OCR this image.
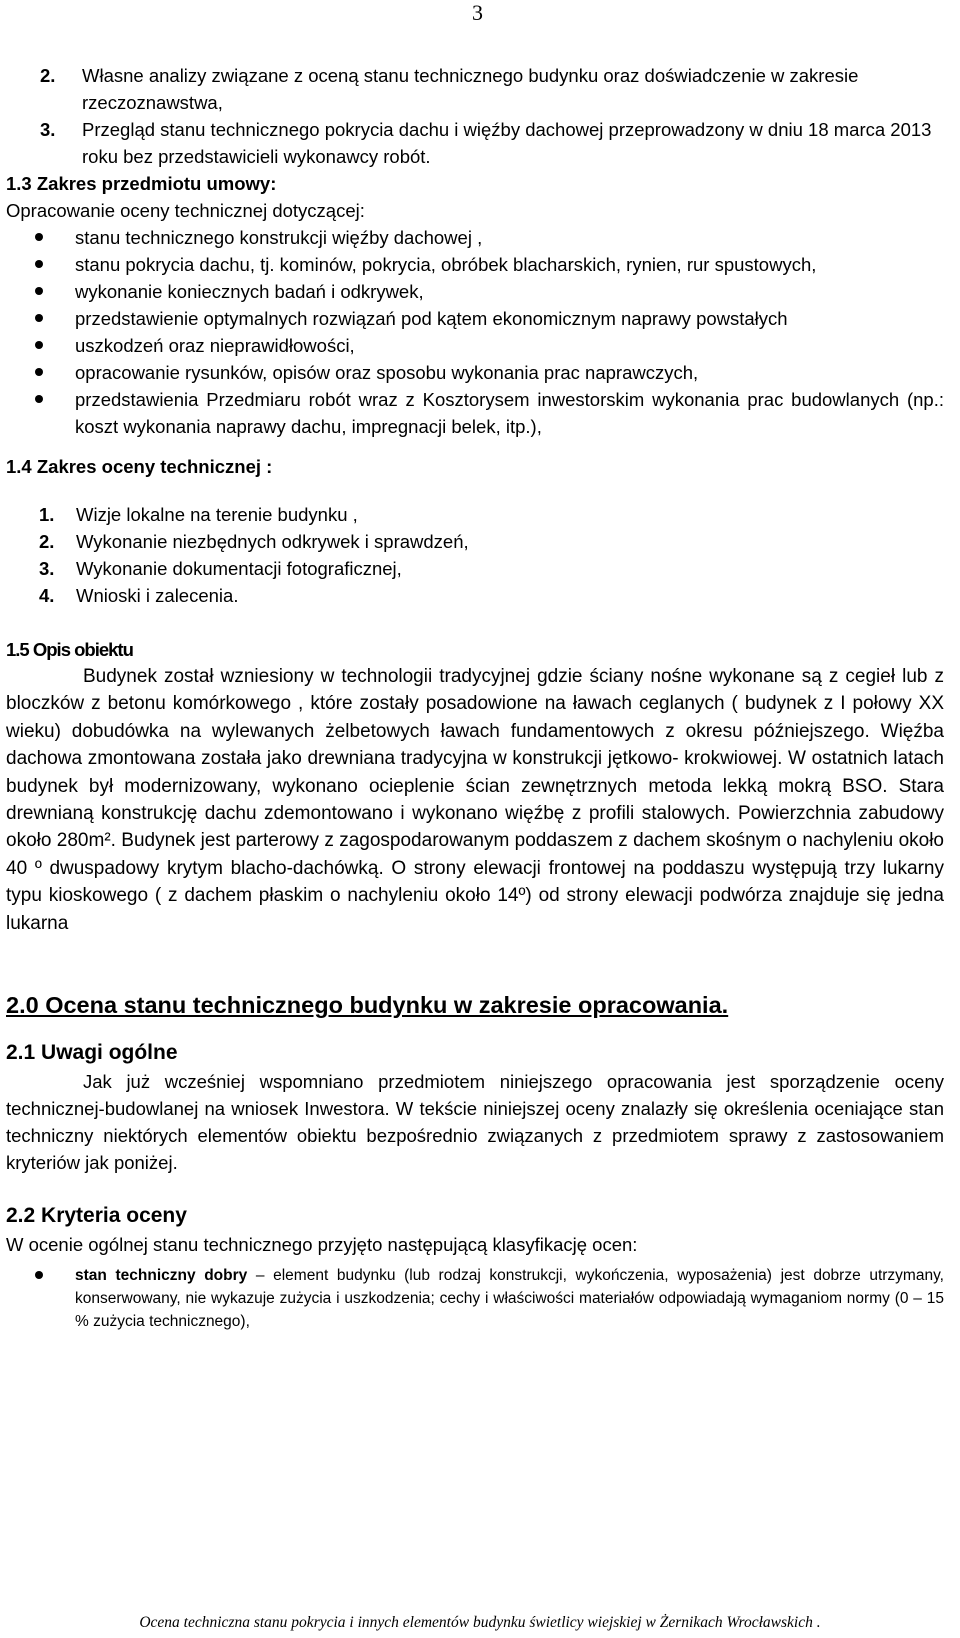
3
2.	Własne analizy związane z oceną stanu technicznego budynku oraz doświadczenie w zakresie rzeczoznawstwa,
3.	Przegląd stanu technicznego pokrycia dachu i więźby dachowej przeprowadzony w dniu 18 marca 2013 roku bez przedstawicieli wykonawcy robót.
1.3 Zakres przedmiotu umowy:
Opracowanie oceny technicznej dotyczącej:
stanu technicznego konstrukcji więźby dachowej ,
stanu pokrycia dachu, tj. kominów, pokrycia, obróbek blacharskich, rynien, rur spustowych,
wykonanie koniecznych badań i odkrywek,
przedstawienie optymalnych rozwiązań pod kątem ekonomicznym naprawy powstałych
uszkodzeń oraz nieprawidłowości,
opracowanie rysunków, opisów oraz sposobu wykonania prac naprawczych,
przedstawienia Przedmiaru robót wraz z Kosztorysem inwestorskim wykonania prac budowlanych (np.: koszt wykonania naprawy dachu, impregnacji belek, itp.),
1.4 Zakres oceny technicznej :
1. Wizje lokalne na terenie budynku ,
2. Wykonanie niezbędnych odkrywek i sprawdzeń,
3. Wykonanie dokumentacji fotograficznej,
4. Wnioski i zalecenia.
1.5 Opis obiektu
Budynek został wzniesiony w technologii tradycyjnej gdzie ściany nośne wykonane są z cegieł lub z bloczków z betonu komórkowego , które zostały posadowione na ławach ceglanych ( budynek z I połowy XX wieku) dobudówka na wylewanych żelbetowych ławach fundamentowych z okresu późniejszego. Więźba dachowa zmontowana została jako drewniana tradycyjna w konstrukcji jętkowo- krokwiowej. W ostatnich latach budynek był modernizowany, wykonano ocieplenie ścian zewnętrznych metoda lekką mokrą BSO. Stara drewnianą konstrukcję dachu zdemontowano i wykonano więźbę z profili stalowych. Powierzchnia zabudowy około 280m². Budynek jest parterowy z zagospodarowanym poddaszem z dachem skośnym o nachyleniu około 40 º dwuspadowy krytym blacho-dachówką. O strony elewacji frontowej na poddaszu występują trzy lukarny typu kioskowego ( z dachem płaskim o nachyleniu około 14º) od strony elewacji podwórza znajduje się jedna lukarna
2.0 Ocena stanu technicznego budynku w zakresie opracowania.
2.1 Uwagi ogólne
Jak już wcześniej wspomniano przedmiotem niniejszego opracowania jest sporządzenie oceny technicznej-budowlanej na wniosek Inwestora. W tekście niniejszej oceny znalazły się określenia oceniające stan techniczny niektórych elementów obiektu bezpośrednio związanych z przedmiotem sprawy z zastosowaniem kryteriów jak poniżej.
2.2 Kryteria oceny
W ocenie ogólnej stanu technicznego przyjęto następującą klasyfikację ocen:
stan techniczny dobry – element budynku (lub rodzaj konstrukcji, wykończenia, wyposażenia) jest dobrze utrzymany, konserwowany, nie wykazuje zużycia i uszkodzenia; cechy i właściwości materiałów odpowiadają wymaganiom normy (0 – 15 % zużycia technicznego),
Ocena techniczna stanu pokrycia i innych elementów budynku świetlicy wiejskiej w Żernikach Wrocławskich .
